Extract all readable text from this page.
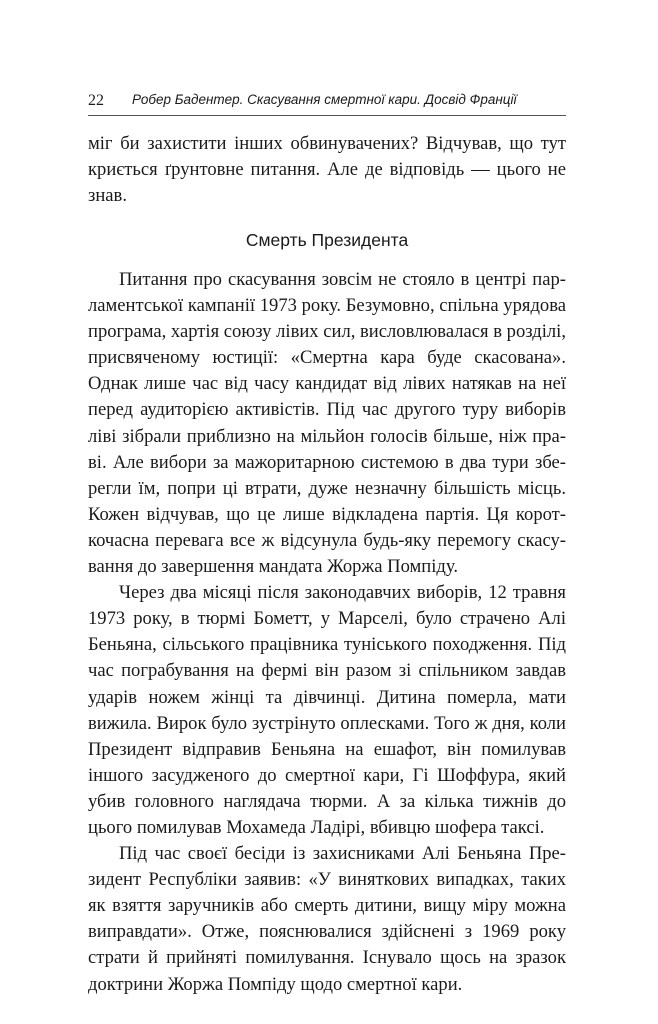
22 Робер Бадентер. Скасування смертної кари. Досвід Франції

міг би захистити інших обвинувачених? Відчував, що тут криється ґрунтовне питання. Але де відповідь — цього не знав.

Смерть Президента

Питання про скасування зовсім не стояло в центрі парламентської кампанії 1973 року. Безумовно, спільна урядова програма, хартія союзу лівих сил, висловлювалася в розділі, присвяченому юстиції: «Смертна кара буде скасована». Однак лише час від часу кандидат від лівих натякав на неї перед аудиторією активістів. Під час другого туру виборів ліві зібрали приблизно на мільйон голосів більше, ніж праві. Але вибори за мажоритарною системою в два тури зберегли їм, попри ці втрати, дуже незначну більшість місць. Кожен відчував, що це лише відкладена партія. Ця короткочасна перевага все ж відсунула будь-яку перемогу скасування до завершення мандата Жоржа Помпіду.

Через два місяці після законодавчих виборів, 12 травня 1973 року, в тюрмі Бометт, у Марселі, було страчено Алі Беньяна, сільського працівника туніського походження. Під час пограбування на фермі він разом зі спільником завдав ударів ножем жінці та дівчинці. Дитина померла, мати вижила. Вирок було зустрінуто оплесками. Того ж дня, коли Президент відправив Беньяна на ешафот, він помилував іншого засудженого до смертної кари, Гі Шоффура, який убив головного наглядача тюрми. А за кілька тижнів до цього помилував Мохамеда Ладірі, вбивцю шофера таксі.

Під час своєї бесіди із захисниками Алі Беньяна Президент Республіки заявив: «У виняткових випадках, таких як взяття заручників або смерть дитини, вищу міру можна виправдати». Отже, пояснювалися здійснені з 1969 року страти й прийняті помилування. Існувало щось на зразок доктрини Жоржа Помпіду щодо смертної кари.
